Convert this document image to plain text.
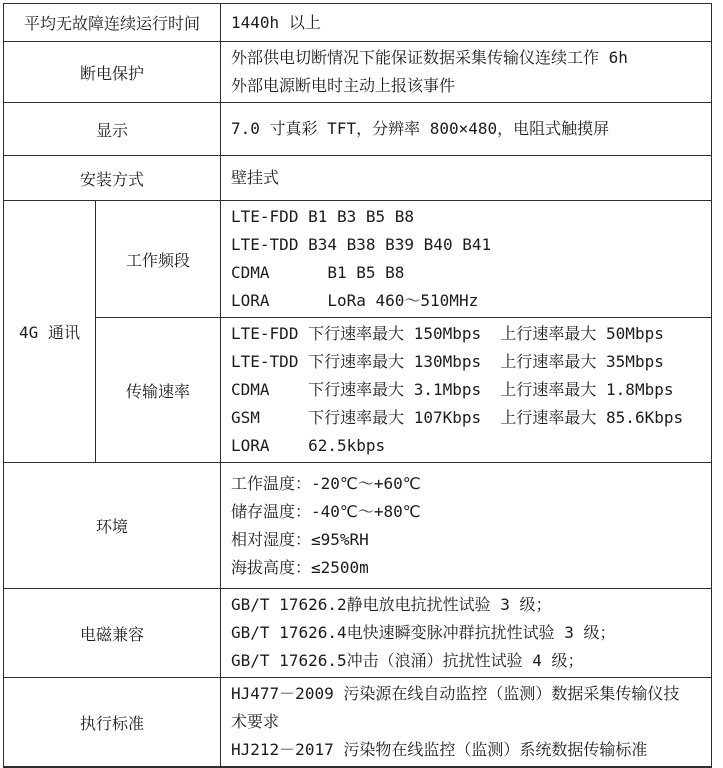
平均无故障连续运行时间		1440h 以上

断电保护		外部供电切断情况下能保证数据采集传输仪连续工作 6h
外部电源断电时主动上报该事件

显示		7.0 寸真彩 TFT，分辨率 800×480，电阻式触摸屏

安装方式		壁挂式

4G 通讯	工作频段	LTE-FDD B1 B3 B5 B8
LTE-TDD B34 B38 B39 B40 B41
CDMA      B1 B5 B8
LORA      LoRa 460～510MHz

	传输速率	LTE-FDD 下行速率最大 150Mbps  上行速率最大 50Mbps
LTE-TDD 下行速率最大 130Mbps  上行速率最大 35Mbps
CDMA    下行速率最大 3.1Mbps  上行速率最大 1.8Mbps
GSM     下行速率最大 107Kbps  上行速率最大 85.6Kbps
LORA    62.5kbps

环境		工作温度：-20℃～+60℃
储存温度：-40℃～+80℃
相对湿度：≤95%RH
海拔高度：≤2500m

电磁兼容		GB/T 17626.2静电放电抗扰性试验 3 级；
GB/T 17626.4电快速瞬变脉冲群抗扰性试验 3 级；
GB/T 17626.5冲击（浪涌）抗扰性试验 4 级；

执行标准		HJ477－2009 污染源在线自动监控（监测）数据采集传输仪技
术要求
HJ212－2017 污染物在线监控（监测）系统数据传输标准
